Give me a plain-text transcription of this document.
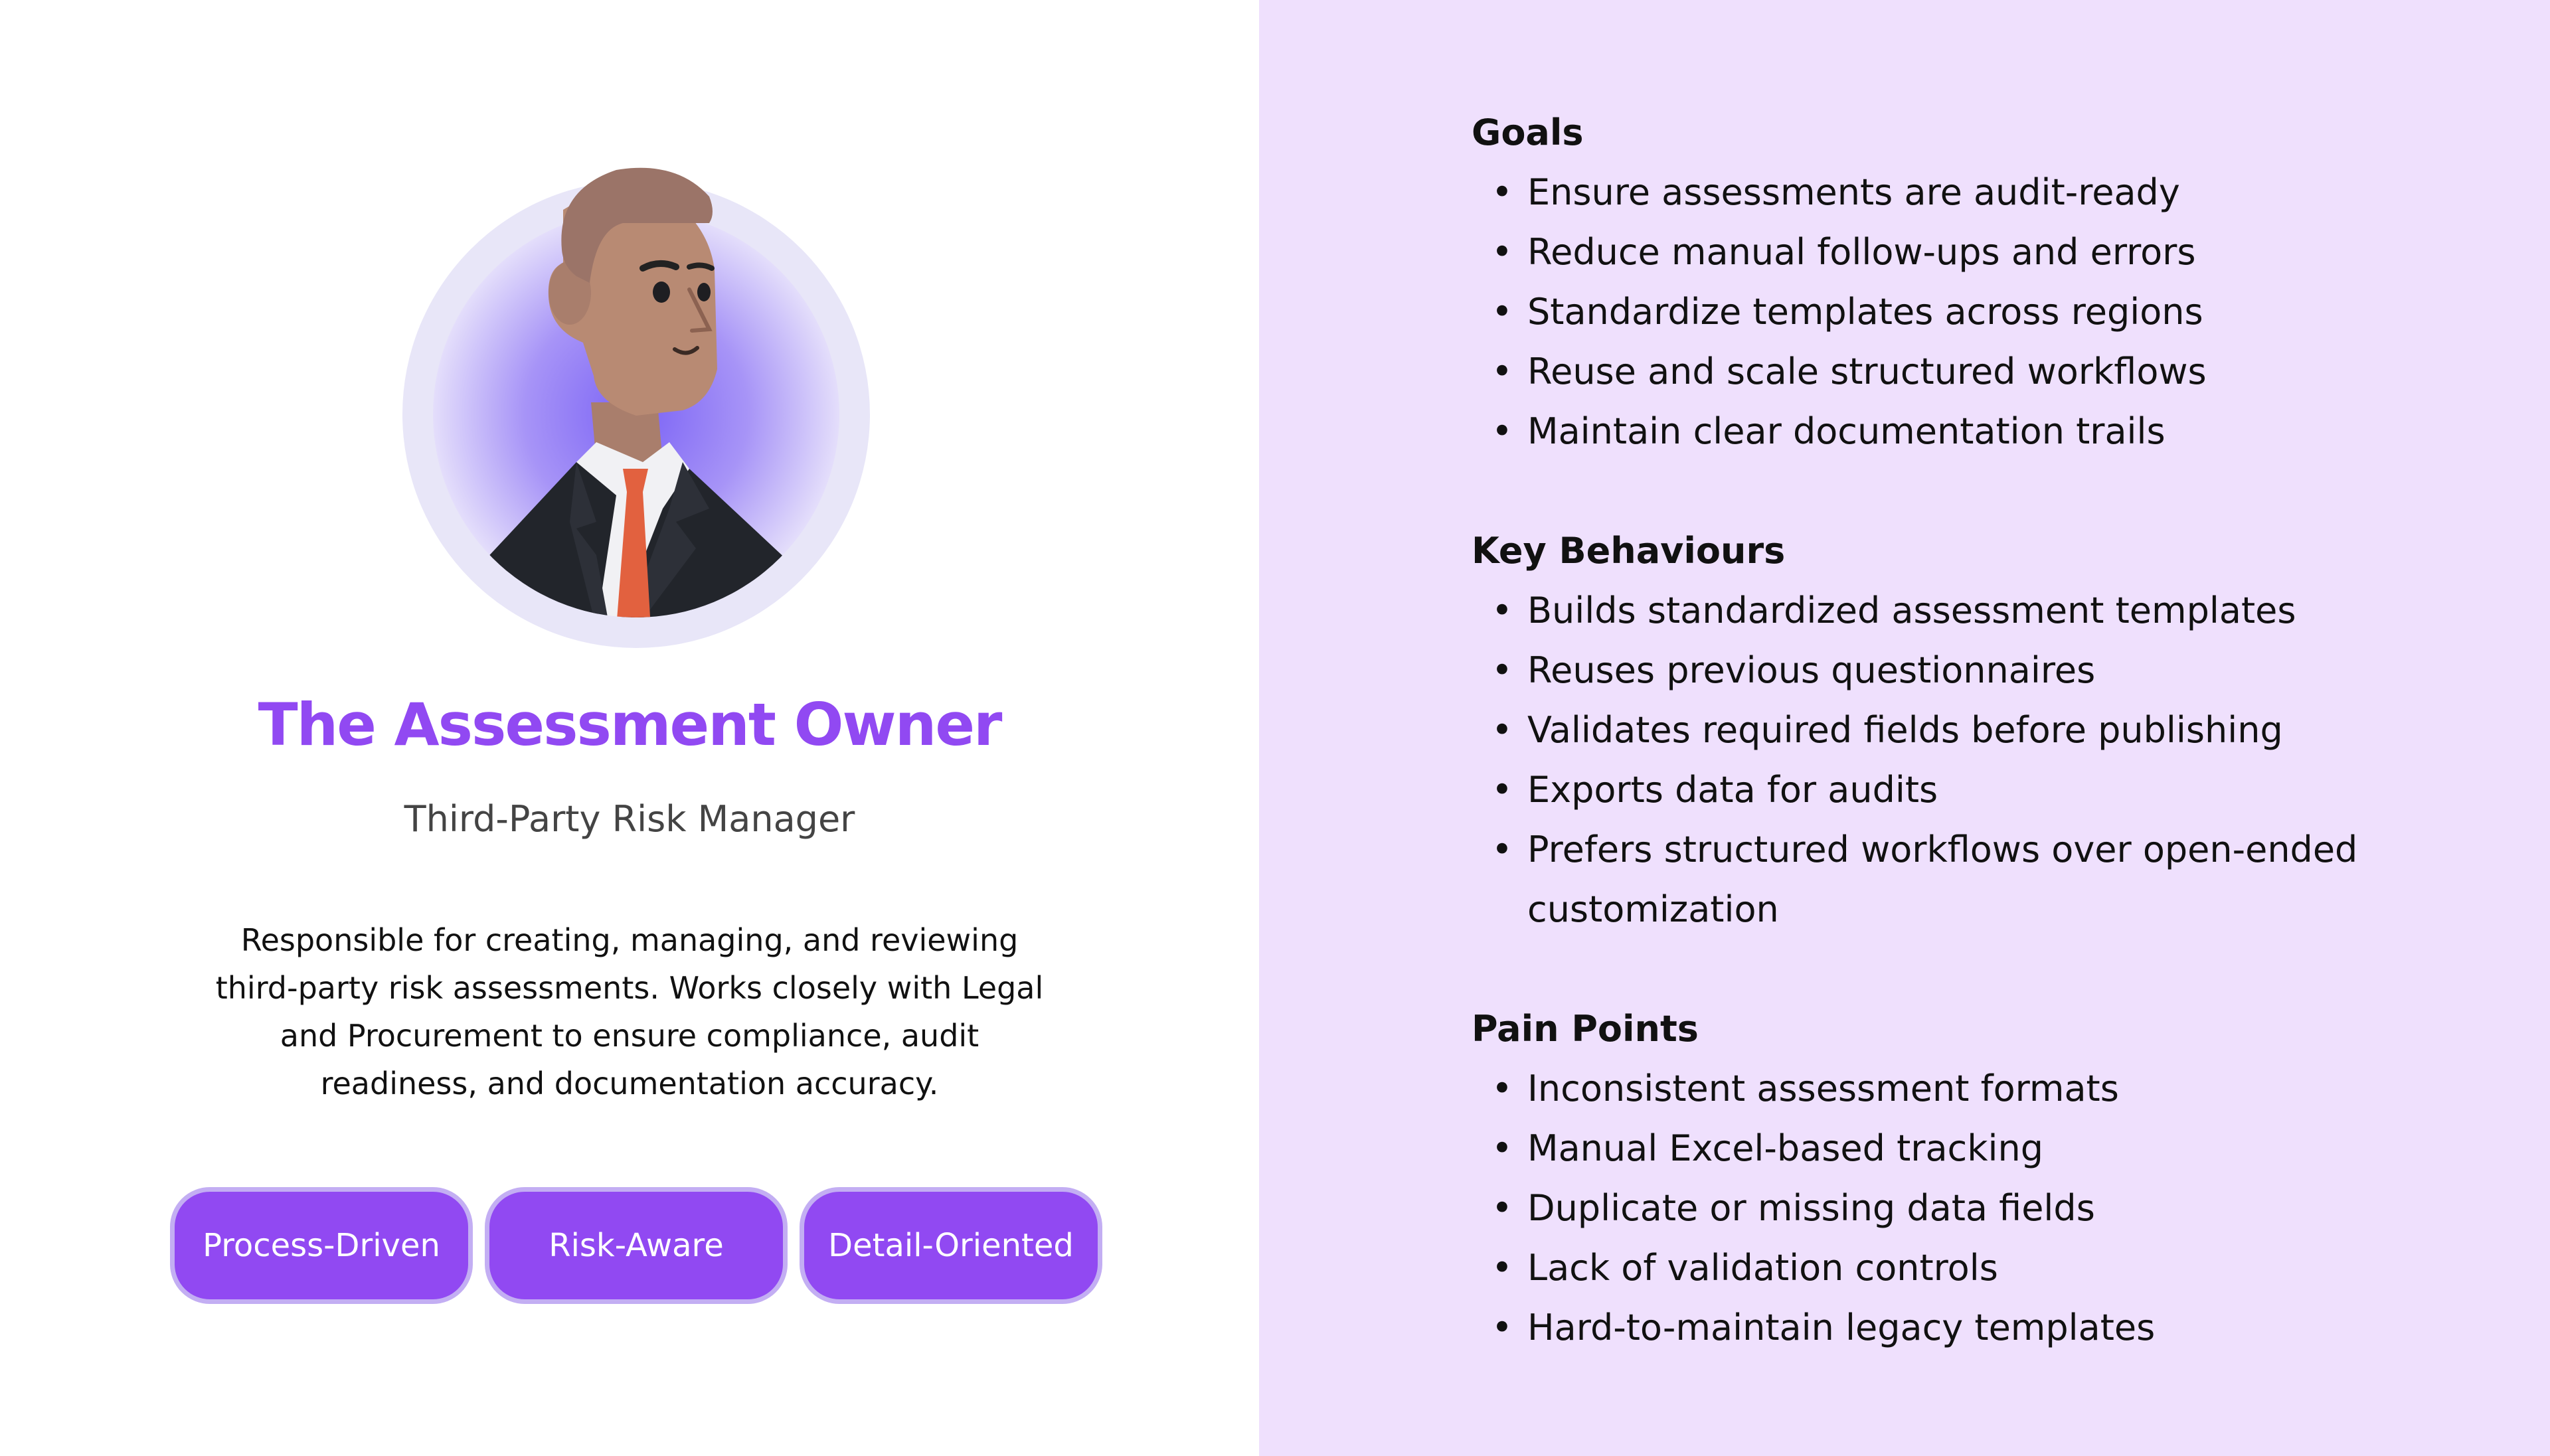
The Assessment Owner
Third-Party Risk Manager
Responsible for creating, managing, and reviewing third-party risk assessments. Works closely with Legal and Procurement to ensure compliance, audit readiness, and documentation accuracy.
Process-Driven	Risk-Aware	Detail-Oriented
Goals
• Ensure assessments are audit-ready
• Reduce manual follow-ups and errors
• Standardize templates across regions
• Reuse and scale structured workflows
• Maintain clear documentation trails
Key Behaviours
• Builds standardized assessment templates
• Reuses previous questionnaires
• Validates required fields before publishing
• Exports data for audits
• Prefers structured workflows over open-ended customization
Pain Points
• Inconsistent assessment formats
• Manual Excel-based tracking
• Duplicate or missing data fields
• Lack of validation controls
• Hard-to-maintain legacy templates
